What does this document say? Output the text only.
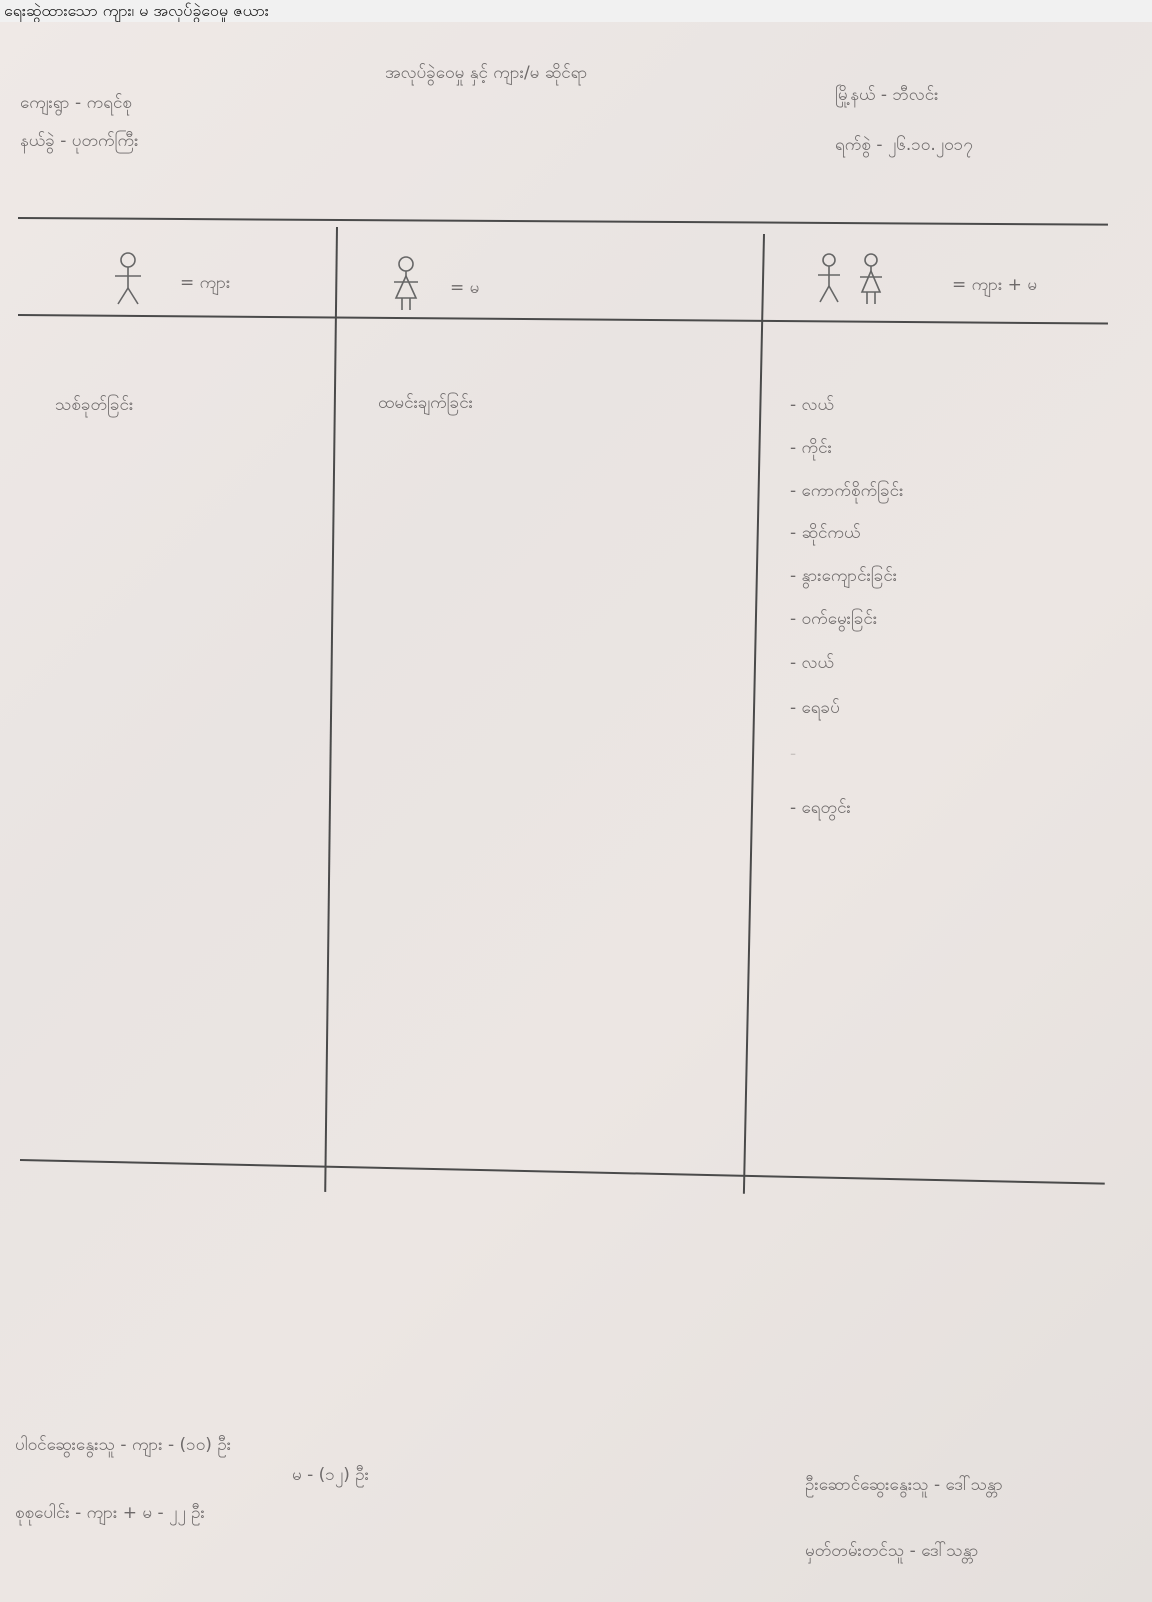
ရေးဆွဲထားသော ကျား၊ မ အလုပ်ခွဲဝေမှု ဇယား
ကျေးရွာ - ကရင်စု
နယ်ခွဲ - ပုတက်ကြီး
အလုပ်ခွဲဝေမှု နှင့် ကျား/မ ဆိုင်ရာ
မြို့နယ် - ဘီလင်း
ရက်စွဲ - ၂၆.၁၀.၂၀၁၇
= ကျား	= မ	= ကျား + မ
သစ်ခုတ်ခြင်း	ထမင်းချက်ခြင်း	- လယ်
- ကိုင်း
- ကောက်စိုက်ခြင်း
- ဆိုင်ကယ်
- နွားကျောင်းခြင်း
- ဝက်မွေးခြင်း
- လယ်
- ရေခပ်
-
- ရေတွင်း
ပါဝင်ဆွေးနွေးသူ - ကျား - (၁၀) ဦး
မ - (၁၂) ဦး
စုစုပေါင်း - ကျား + မ - ၂၂ ဦး
ဦးဆောင်ဆွေးနွေးသူ - ဒေါ်သန္တာ
မှတ်တမ်းတင်သူ - ဒေါ်သန္တာ
